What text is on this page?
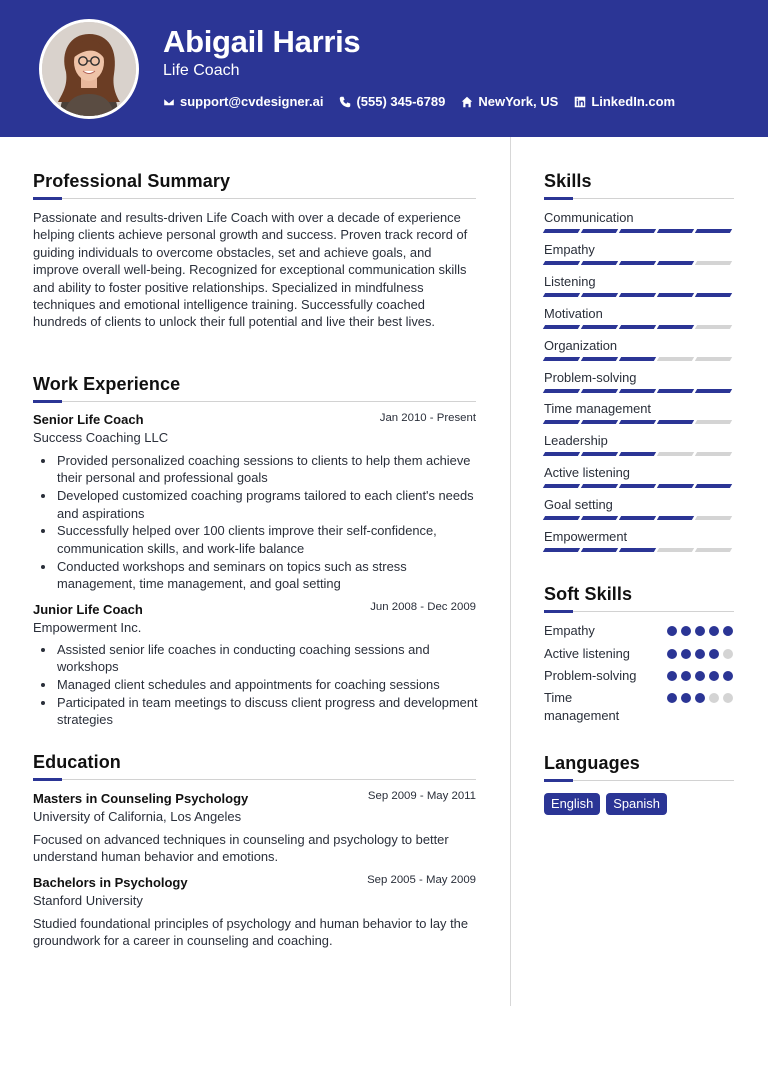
Abigail Harris
Life Coach
support@cvdesigner.ai	(555) 345-6789	NewYork, US	LinkedIn.com
Professional Summary
Passionate and results-driven Life Coach with over a decade of experience helping clients achieve personal growth and success. Proven track record of guiding individuals to overcome obstacles, set and achieve goals, and improve overall well-being. Recognized for exceptional communication skills and ability to foster positive relationships. Specialized in mindfulness techniques and emotional intelligence training. Successfully coached hundreds of clients to unlock their full potential and live their best lives.
Work Experience
Senior Life Coach	Jan 2010 - Present
Success Coaching LLC
Provided personalized coaching sessions to clients to help them achieve their personal and professional goals
Developed customized coaching programs tailored to each client's needs and aspirations
Successfully helped over 100 clients improve their self-confidence, communication skills, and work-life balance
Conducted workshops and seminars on topics such as stress management, time management, and goal setting
Junior Life Coach	Jun 2008 - Dec 2009
Empowerment Inc.
Assisted senior life coaches in conducting coaching sessions and workshops
Managed client schedules and appointments for coaching sessions
Participated in team meetings to discuss client progress and development strategies
Education
Masters in Counseling Psychology	Sep 2009 - May 2011
University of California, Los Angeles
Focused on advanced techniques in counseling and psychology to better understand human behavior and emotions.
Bachelors in Psychology	Sep 2005 - May 2009
Stanford University
Studied foundational principles of psychology and human behavior to lay the groundwork for a career in counseling and coaching.
Skills
Communication
Empathy
Listening
Motivation
Organization
Problem-solving
Time management
Leadership
Active listening
Goal setting
Empowerment
Soft Skills
Empathy
Active listening
Problem-solving
Time management
Languages
English	Spanish
